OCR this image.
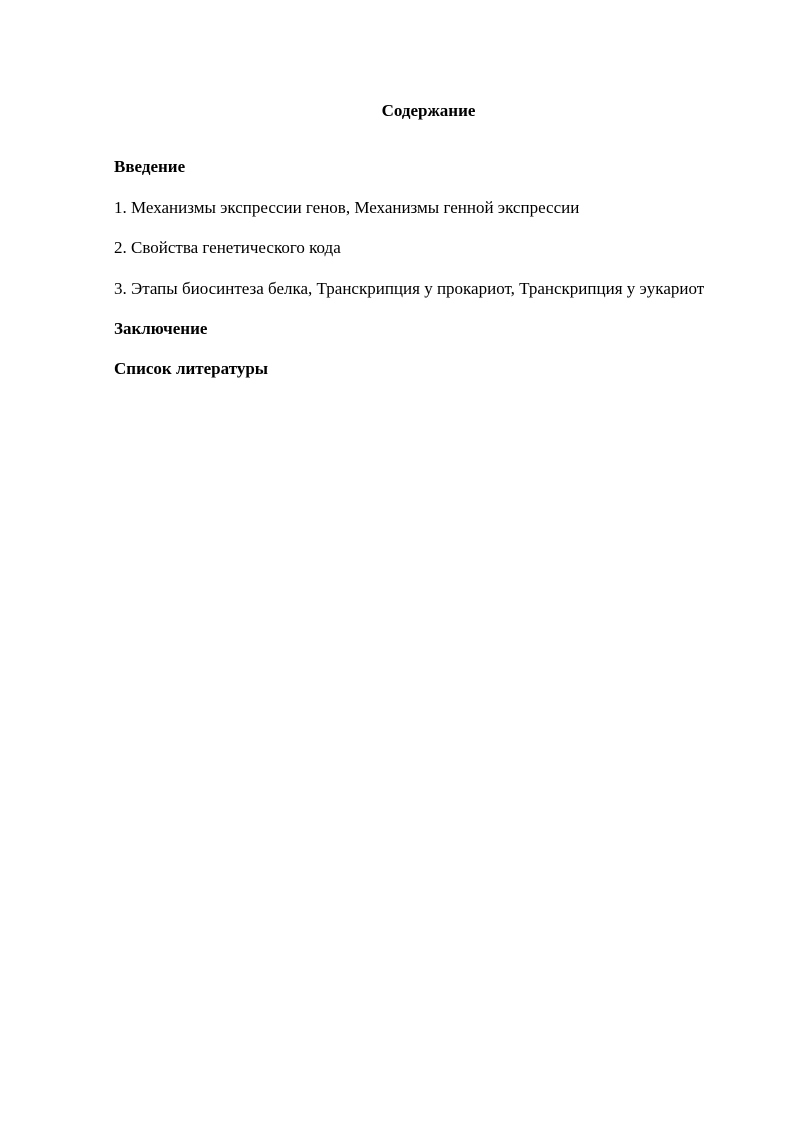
Содержание
Введение
1. Механизмы экспрессии генов, Механизмы генной экспрессии
2. Свойства генетического кода
3. Этапы биосинтеза белка, Транскрипция у прокариот, Транскрипция у эукариот
Заключение
Список литературы
